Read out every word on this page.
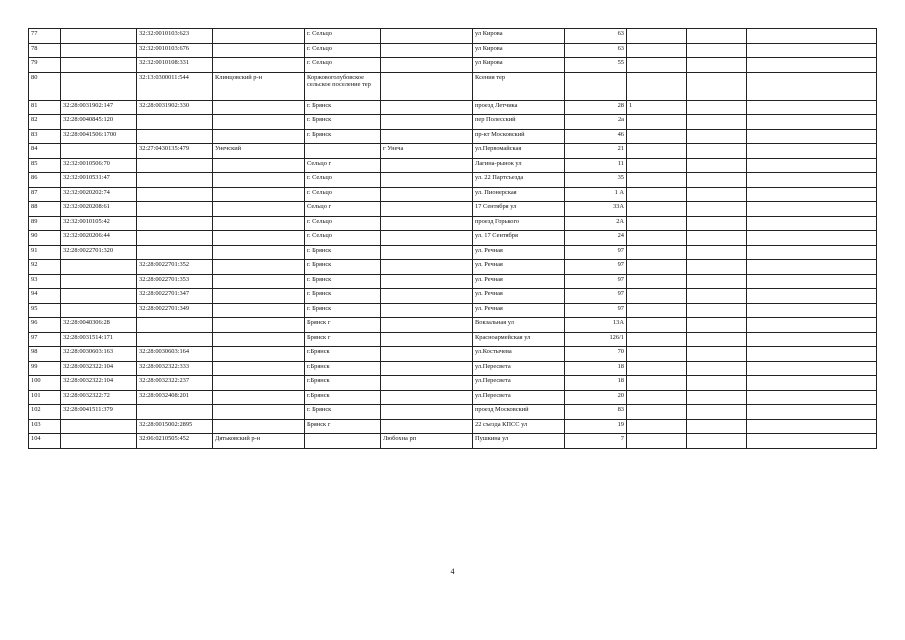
77		32:32:0010103:623		г. Сельцо		ул Кирова	63			
78		32:32:0010103:676		г. Сельцо		ул Кирова	63			
79		32:32:0010108:331		г. Сельцо		ул Кирова	55			
80		32:13:0300011:544	Клинцовский р-н	Коржовоголубовское сельское поселение тер		Ксения тер				
81	32:28:0031902:147	32:28:0031902:330		г. Брянск		проезд Летчика	28	1		
82	32:28:0040845:120			г. Брянск		пер Полесский	2а			
83	32:28:0041506:1700			г. Брянск		пр-кт Московский	46			
84		32:27:0430135:479	Унечский		г Унеча	ул.Первомайская	21			
85	32:32:0010506:70			Сельцо г		Лагина-рынок ул	11			
86	32:32:0010531:47			г. Сельцо		ул. 22 Партсъезда	35			
87	32:32:0020202:74			г. Сельцо		ул. Пионерская	1 А			
88	32:32:0020208:61			Сельцо г		17 Сентября ул	33А			
89	32:32:0010105:42			г. Сельцо		проезд Горького	2А			
90	32:32:0020206:44			г. Сельцо		ул. 17 Сентября	24			
91	32:28:0022701:320			г. Брянск		ул. Речная	97			
92		32:28:0022701:352		г. Брянск		ул. Речная	97			
93		32:28:0022701:353		г. Брянск		ул. Речная	97			
94		32:28:0022701:347		г. Брянск		ул. Речная	97			
95		32:28:0022701:349		г. Брянск		ул. Речная	97			
96	32:28:0040306:28			Брянск г		Вокзальная ул	13А			
97	32:28:0031514:171			Брянск г		Красноармейская ул	126/1			
98	32:28:0030603:163	32:28:0030603:164		г.Брянск		ул.Костычева	70			
99	32:28:0032322:104	32:28:0032322:333		г.Брянск		ул.Пересвета	18			
100	32:28:0032322:104	32:28:0032322:237		г.Брянск		ул.Пересвета	18			
101	32:28:0032322:72	32:28:0032408:201		г.Брянск		ул.Пересвета	20			
102	32:28:0041511:379			г. Брянск		проезд Московский	83			
103		32:28:0015002:2895		Брянск г		22 съезда КПСС ул	19			
104		32:06:0210505:452	Дятьковский р-н		Любохна рп	Пушкина ул	7			
4
